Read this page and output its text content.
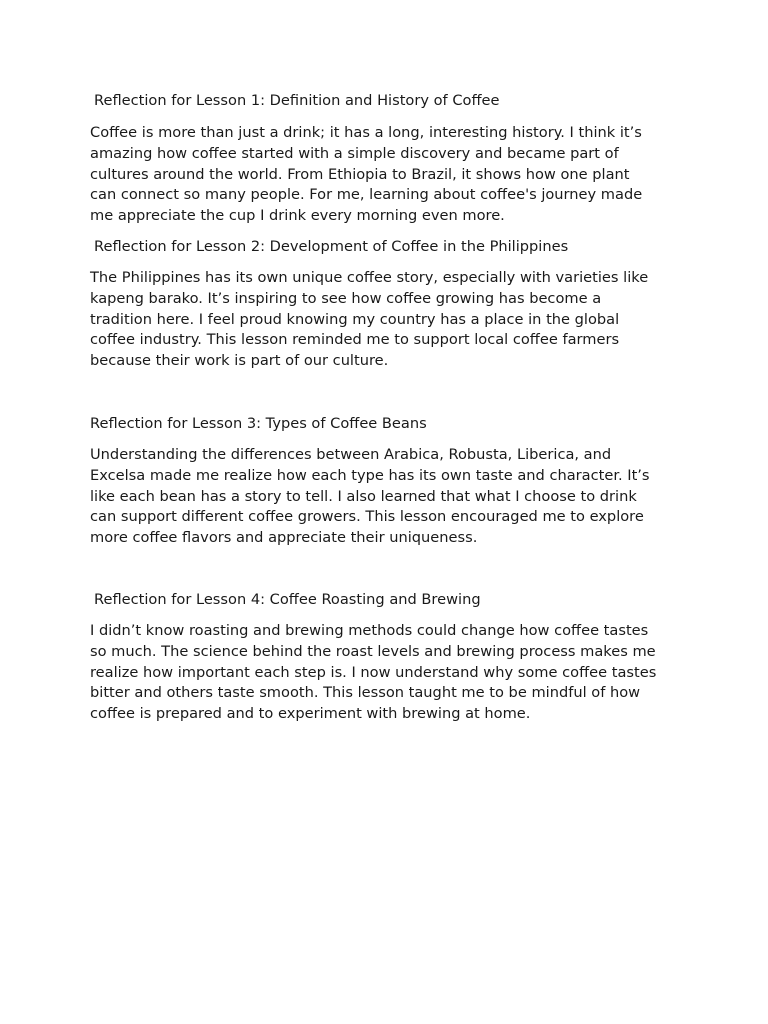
Reflection for Lesson 1: Definition and History of Coffee

Coffee is more than just a drink; it has a long, interesting history. I think it’s

amazing how coffee started with a simple discovery and became part of

cultures around the world. From Ethiopia to Brazil, it shows how one plant

can connect so many people. For me, learning about coffee's journey made

me appreciate the cup I drink every morning even more.

Reflection for Lesson 2: Development of Coffee in the Philippines

The Philippines has its own unique coffee story, especially with varieties like

kapeng barako. It’s inspiring to see how coffee growing has become a

tradition here. I feel proud knowing my country has a place in the global

coffee industry. This lesson reminded me to support local coffee farmers

because their work is part of our culture.

Reflection for Lesson 3: Types of Coffee Beans

Understanding the differences between Arabica, Robusta, Liberica, and

Excelsa made me realize how each type has its own taste and character. It’s

like each bean has a story to tell. I also learned that what I choose to drink

can support different coffee growers. This lesson encouraged me to explore

more coffee flavors and appreciate their uniqueness.

Reflection for Lesson 4: Coffee Roasting and Brewing

I didn’t know roasting and brewing methods could change how coffee tastes

so much. The science behind the roast levels and brewing process makes me

realize how important each step is. I now understand why some coffee tastes

bitter and others taste smooth. This lesson taught me to be mindful of how

coffee is prepared and to experiment with brewing at home.
